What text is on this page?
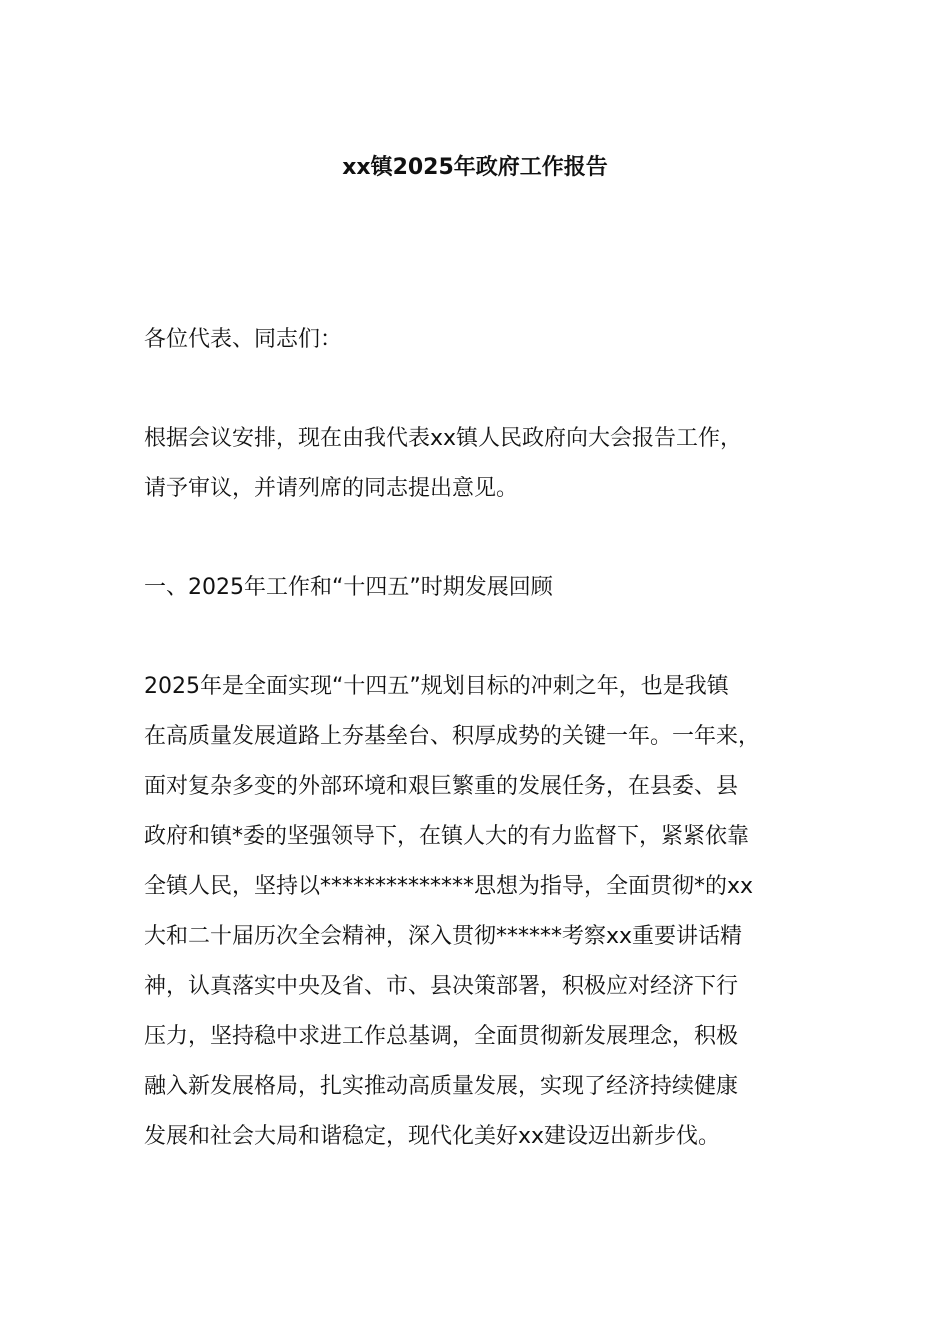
xx镇2025年政府工作报告

各位代表、同志们：

根据会议安排，现在由我代表xx镇人民政府向大会报告工作，
请予审议，并请列席的同志提出意见。

一、2025年工作和“十四五”时期发展回顾

2025年是全面实现“十四五”规划目标的冲刺之年，也是我镇
在高质量发展道路上夯基垒台、积厚成势的关键一年。一年来，
面对复杂多变的外部环境和艰巨繁重的发展任务，在县委、县
政府和镇*委的坚强领导下，在镇人大的有力监督下，紧紧依靠
全镇人民，坚持以**************思想为指导，全面贯彻*的xx
大和二十届历次全会精神，深入贯彻******考察xx重要讲话精
神，认真落实中央及省、市、县决策部署，积极应对经济下行
压力，坚持稳中求进工作总基调，全面贯彻新发展理念，积极
融入新发展格局，扎实推动高质量发展，实现了经济持续健康
发展和社会大局和谐稳定，现代化美好xx建设迈出新步伐。
